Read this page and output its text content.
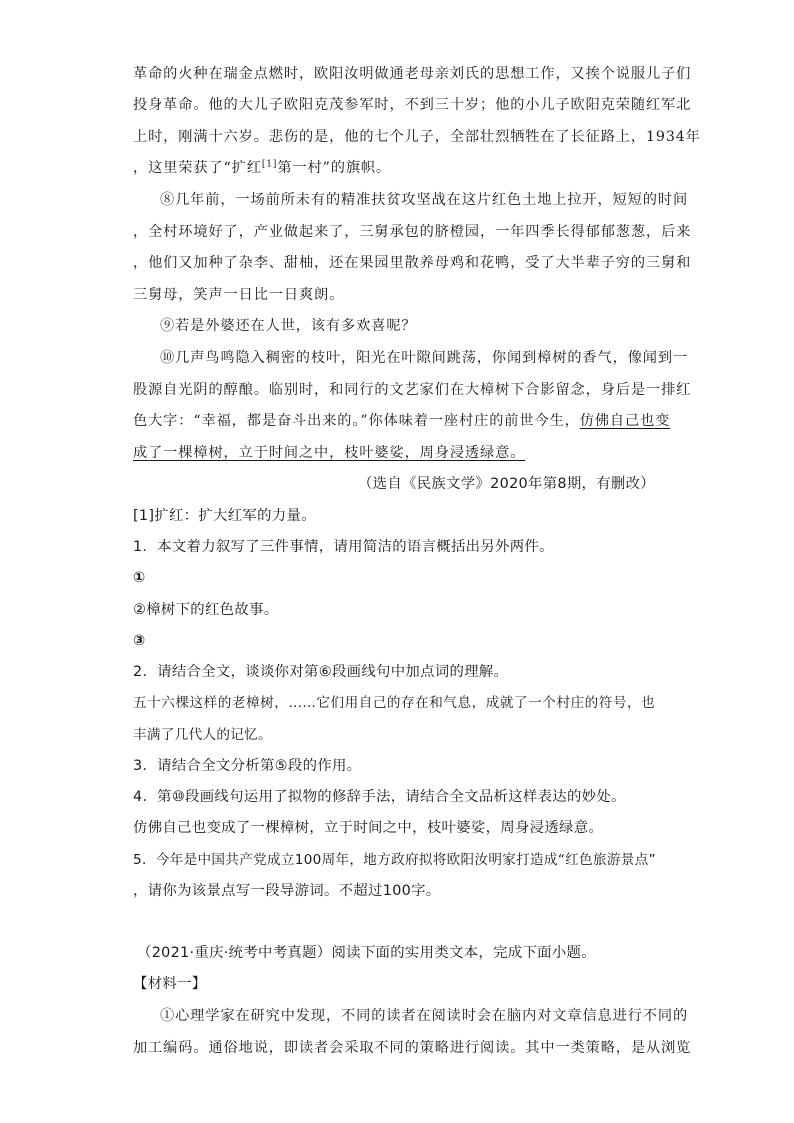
革命的火种在瑞金点燃时，欧阳汝明做通老母亲刘氏的思想工作，又挨个说服儿子们
投身革命。他的大儿子欧阳克茂参军时，不到三十岁；他的小儿子欧阳克荣随红军北
上时，刚满十六岁。悲伤的是，他的七个儿子，全部壮烈牺牲在了长征路上，1934年
，这里荣获了“扩红[1]第一村”的旗帜。
⑧几年前，一场前所未有的精准扶贫攻坚战在这片红色土地上拉开，短短的时间
，全村环境好了，产业做起来了，三舅承包的脐橙园，一年四季长得郁郁葱葱，后来
，他们又加种了杂李、甜柚，还在果园里散养母鸡和花鸭，受了大半辈子穷的三舅和
三舅母，笑声一日比一日爽朗。
⑨若是外婆还在人世，该有多欢喜呢？
⑩几声鸟鸣隐入稠密的枝叶，阳光在叶隙间跳荡，你闻到樟树的香气，像闻到一
股源自光阴的醇酿。临别时，和同行的文艺家们在大樟树下合影留念，身后是一排红
色大字：“幸福，都是奋斗出来的。”你体味着一座村庄的前世今生，仿佛自己也变
成了一棵樟树，立于时间之中，枝叶婆娑，周身浸透绿意。
（选自《民族文学》2020年第8期，有删改）
[1]扩红：扩大红军的力量。
1．本文着力叙写了三件事情，请用简洁的语言概括出另外两件。
①
②樟树下的红色故事。
③
2．请结合全文，谈谈你对第⑥段画线句中加点词的理解。
五十六棵这样的老樟树，……它们用自己的存在和气息，成就了一个村庄的符号，也
丰满了几代人的记忆。
3．请结合全文分析第⑤段的作用。
4．第⑩段画线句运用了拟物的修辞手法，请结合全文品析这样表达的妙处。
仿佛自己也变成了一棵樟树，立于时间之中，枝叶婆娑，周身浸透绿意。
5．今年是中国共产党成立100周年，地方政府拟将欧阳汝明家打造成“红色旅游景点”
，请你为该景点写一段导游词。不超过100字。
（2021·重庆·统考中考真题）阅读下面的实用类文本，完成下面小题。
【材料一】
①心理学家在研究中发现，不同的读者在阅读时会在脑内对文章信息进行不同的
加工编码。通俗地说，即读者会采取不同的策略进行阅读。其中一类策略，是从浏览
